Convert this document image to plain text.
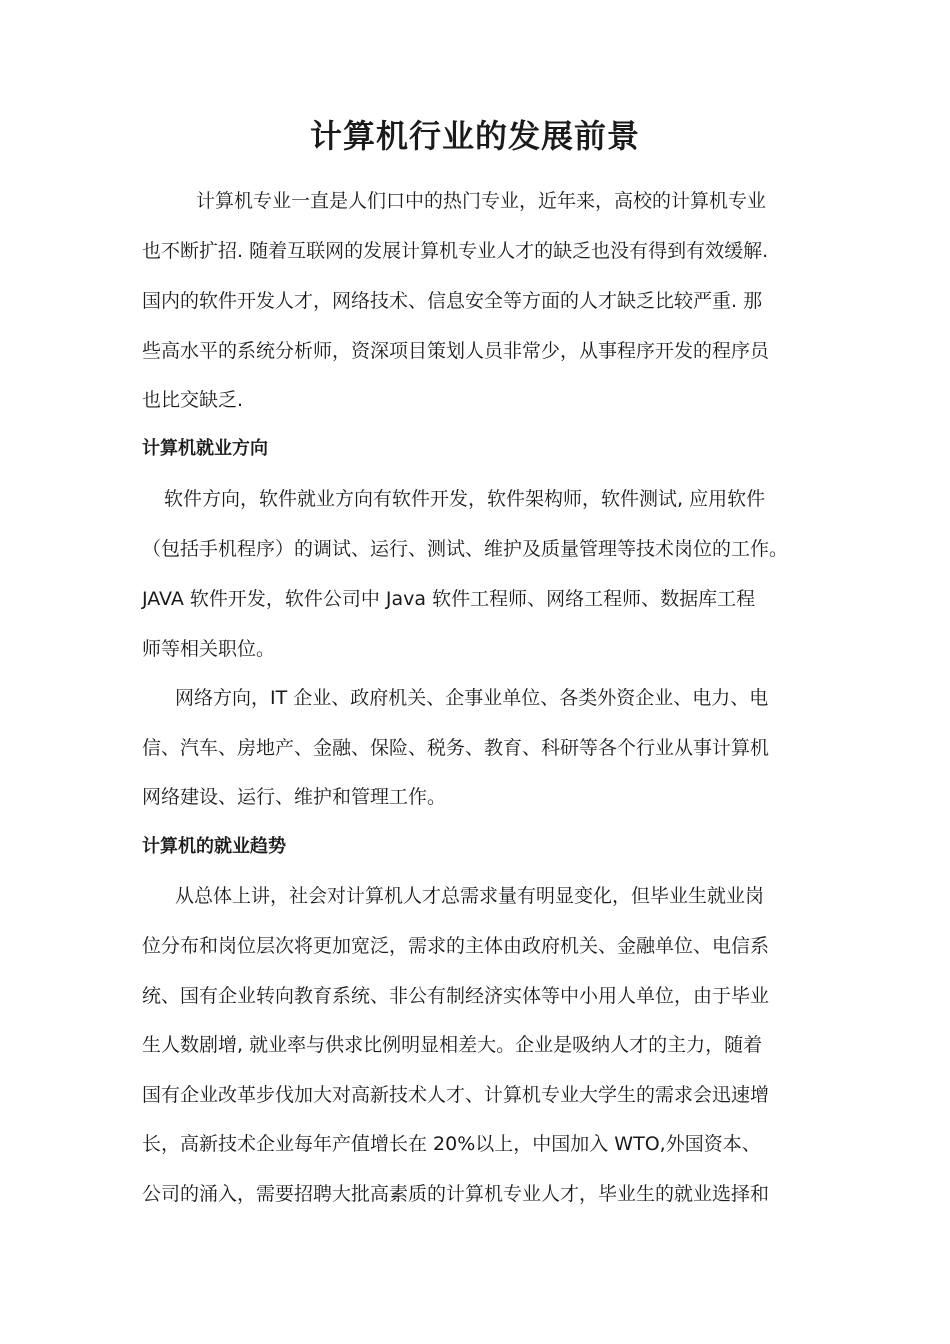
计算机行业的发展前景

计算机专业一直是人们口中的热门专业，近年来，高校的计算机专业

也不断扩招. 随着互联网的发展计算机专业人才的缺乏也没有得到有效缓解.

国内的软件开发人才，网络技术、信息安全等方面的人才缺乏比较严重. 那

些高水平的系统分析师，资深项目策划人员非常少，从事程序开发的程序员

也比交缺乏.

计算机就业方向

软件方向，软件就业方向有软件开发，软件架构师，软件测试, 应用软件

（包括手机程序）的调试、运行、测试、维护及质量管理等技术岗位的工作。

JAVA 软件开发，软件公司中 Java 软件工程师、网络工程师、数据库工程

师等相关职位。

网络方向，IT 企业、政府机关、企事业单位、各类外资企业、电力、电

信、汽车、房地产、金融、保险、税务、教育、科研等各个行业从事计算机

网络建设、运行、维护和管理工作。

计算机的就业趋势

从总体上讲，社会对计算机人才总需求量有明显变化，但毕业生就业岗

位分布和岗位层次将更加宽泛，需求的主体由政府机关、金融单位、电信系

统、国有企业转向教育系统、非公有制经济实体等中小用人单位，由于毕业

生人数剧增, 就业率与供求比例明显相差大。企业是吸纳人才的主力，随着

国有企业改革步伐加大对高新技术人才、计算机专业大学生的需求会迅速增

长，高新技术企业每年产值增长在 20%以上，中国加入 WTO,外国资本、

公司的涌入，需要招聘大批高素质的计算机专业人才，毕业生的就业选择和
